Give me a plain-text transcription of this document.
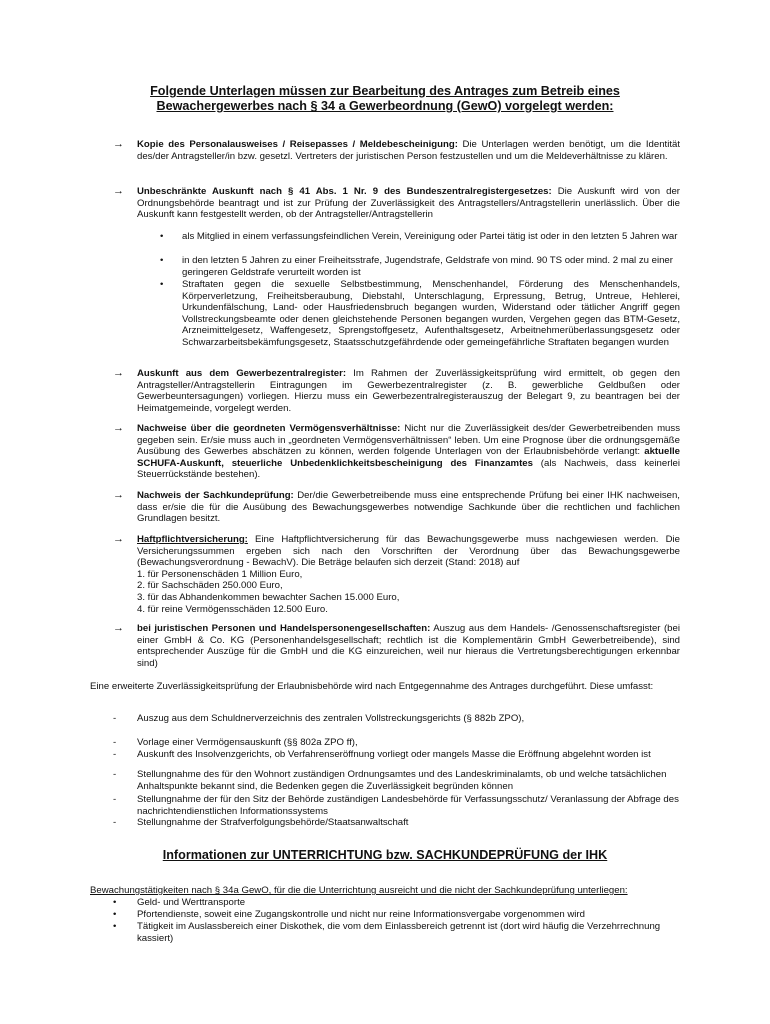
Folgende Unterlagen müssen zur Bearbeitung des Antrages zum Betreib eines
Bewachergewerbes nach § 34 a Gewerbeordnung (GewO) vorgelegt werden:
→	Kopie des Personalausweises / Reisepasses / Meldebescheinigung: Die Unterlagen werden benötigt, um die Identität des/der Antragsteller/in bzw. gesetzl. Vertreters der juristischen Person festzustellen und um die Meldeverhältnisse zu klären.
→	Unbeschränkte Auskunft nach § 41 Abs. 1 Nr. 9 des Bundeszentralregistergesetzes: Die Auskunft wird von der Ordnungsbehörde beantragt und ist zur Prüfung der Zuverlässigkeit des Antragstellers/Antragstellerin unerlässlich. Über die Auskunft kann festgestellt werden, ob der Antragsteller/Antragstellerin
• als Mitglied in einem verfassungsfeindlichen Verein, Vereinigung oder Partei tätig ist oder in den letzten 5 Jahren war
• in den letzten 5 Jahren zu einer Freiheitsstrafe, Jugendstrafe, Geldstrafe von mind. 90 TS oder mind. 2 mal zu einer geringeren Geldstrafe verurteilt worden ist
• Straftaten gegen die sexuelle Selbstbestimmung, Menschenhandel, Förderung des Menschenhandels, Körperverletzung, Freiheitsberaubung, Diebstahl, Unterschlagung, Erpressung, Betrug, Untreue, Hehlerei, Urkundenfälschung, Land- oder Hausfriedensbruch begangen wurden, Widerstand oder tätlicher Angriff gegen Vollstreckungsbeamte oder denen gleichstehende Personen begangen wurden, Vergehen gegen das BTM-Gesetz, Arzneimittelgesetz, Waffengesetz, Sprengstoffgesetz, Aufenthaltsgesetz, Arbeitnehmerüberlassungsgesetz oder Schwarzarbeitsbekämfungsgesetz, Staatsschutzgefährdende oder gemeingefährliche Straftaten begangen wurden
→	Auskunft aus dem Gewerbezentralregister: Im Rahmen der Zuverlässigkeitsprüfung wird ermittelt, ob gegen den Antragsteller/Antragstellerin Eintragungen im Gewerbezentralregister (z. B. gewerbliche Geldbußen oder Gewerbeuntersagungen) vorliegen. Hierzu muss ein Gewerbezentralregisterauszug der Belegart 9, zu beantragen bei der Heimatgemeinde, vorgelegt werden.
→	Nachweise über die geordneten Vermögensverhältnisse: Nicht nur die Zuverlässigkeit des/der Gewerbetreibenden muss gegeben sein. Er/sie muss auch in „geordneten Vermögensverhältnissen“ leben. Um eine Prognose über die ordnungsgemäße Ausübung des Gewerbes abschätzen zu können, werden folgende Unterlagen von der Erlaubnisbehörde verlangt: aktuelle SCHUFA-Auskunft, steuerliche Unbedenklichkeitsbescheinigung des Finanzamtes (als Nachweis, dass keinerlei Steuerrückstände bestehen).
→	Nachweis der Sachkundeprüfung: Der/die Gewerbetreibende muss eine entsprechende Prüfung bei einer IHK nachweisen, dass er/sie die für die Ausübung des Bewachungsgewerbes notwendige Sachkunde über die rechtlichen und fachlichen Grundlagen besitzt.
→	Haftpflichtversicherung: Eine Haftpflichtversicherung für das Bewachungsgewerbe muss nachgewiesen werden. Die Versicherungssummen ergeben sich nach den Vorschriften der Verordnung über das Bewachungsgewerbe (Bewachungsverordnung - BewachV). Die Beträge belaufen sich derzeit (Stand: 2018) auf
1. für Personenschäden 1 Million Euro,
2. für Sachschäden 250.000 Euro,
3. für das Abhandenkommen bewachter Sachen 15.000 Euro,
4. für reine Vermögensschäden 12.500 Euro.
→	bei juristischen Personen und Handelspersonengesellschaften: Auszug aus dem Handels- /Genossenschaftsregister (bei einer GmbH & Co. KG (Personenhandelsgesellschaft; rechtlich ist die Komplementärin GmbH Gewerbetreibende), sind entsprechender Auszüge für die GmbH und die KG einzureichen, weil nur hieraus die Vertretungsberechtigungen erkennbar sind)
Eine erweiterte Zuverlässigkeitsprüfung der Erlaubnisbehörde wird nach Entgegennahme des Antrages durchgeführt. Diese umfasst:
- Auszug aus dem Schuldnerverzeichnis des zentralen Vollstreckungsgerichts (§ 882b ZPO),
- Vorlage einer Vermögensauskunft (§§ 802a ZPO ff),
- Auskunft des Insolvenzgerichts, ob Verfahrenseröffnung vorliegt oder mangels Masse die Eröffnung abgelehnt worden ist
- Stellungnahme des für den Wohnort zuständigen Ordnungsamtes und des Landeskriminalamts, ob und welche tatsächlichen Anhaltspunkte bekannt sind, die Bedenken gegen die Zuverlässigkeit begründen können
- Stellungnahme der für den Sitz der Behörde zuständigen Landesbehörde für Verfassungsschutz/ Veranlassung der Abfrage des nachrichtendienstlichen Informationssystems
- Stellungnahme der Strafverfolgungsbehörde/Staatsanwaltschaft
Informationen zur UNTERRICHTUNG bzw. SACHKUNDEPRÜFUNG der IHK
Bewachungstätigkeiten nach § 34a GewO, für die die Unterrichtung ausreicht und die nicht der Sachkundeprüfung unterliegen:
• Geld- und Werttransporte
• Pfortendienste, soweit eine Zugangskontrolle und nicht nur reine Informationsvergabe vorgenommen wird
• Tätigkeit im Auslassbereich einer Diskothek, die vom dem Einlassbereich getrennt ist (dort wird häufig die Verzehrrechnung kassiert)
